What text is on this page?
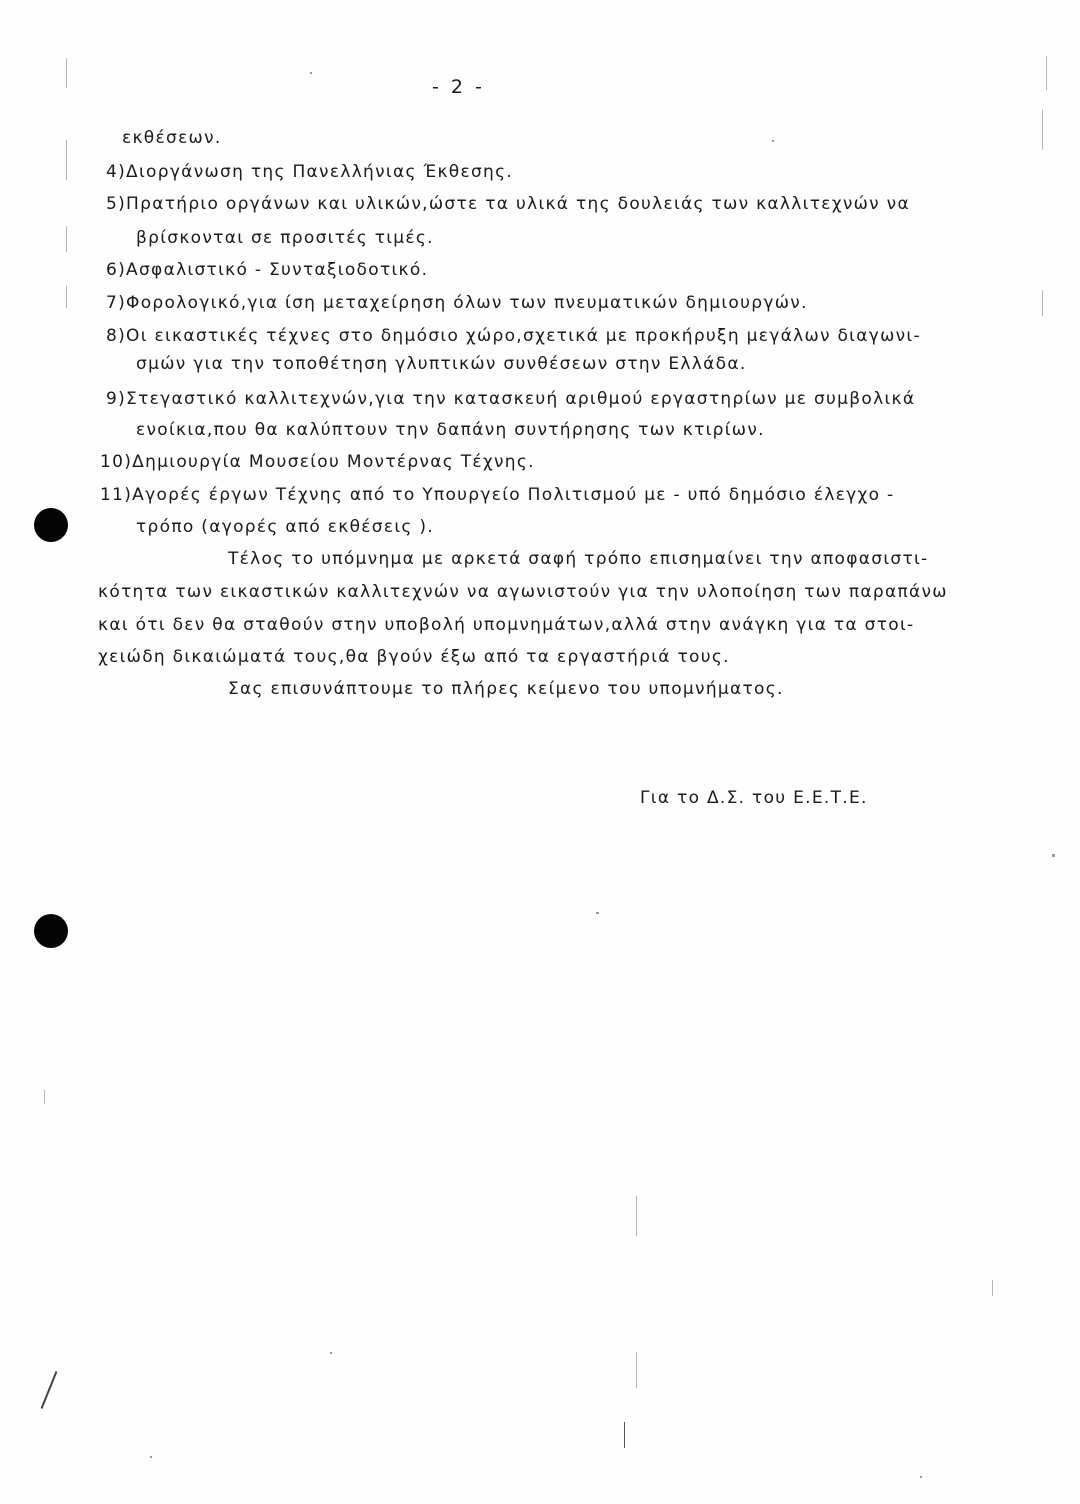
- 2 -
εκθέσεων.
4)Διοργάνωση της Πανελλήνιας Έκθεσης.
5)Πρατήριο οργάνων και υλικών,ώστε τα υλικά της δουλειάς των καλλιτεχνών να
βρίσκονται σε προσιτές τιμές.
6)Ασφαλιστικό - Συνταξιοδοτικό.
7)Φορολογικό,για ίση μεταχείρηση όλων των πνευματικών δημιουργών.
8)Οι εικαστικές τέχνες στο δημόσιο χώρο,σχετικά με προκήρυξη μεγάλων διαγωνι-
σμών για την τοποθέτηση γλυπτικών συνθέσεων στην Ελλάδα.
9)Στεγαστικό καλλιτεχνών,για την κατασκευή αριθμού εργαστηρίων με συμβολικά
ενοίκια,που θα καλύπτουν την δαπάνη συντήρησης των κτιρίων.
10)Δημιουργία Μουσείου Μοντέρνας Τέχνης.
11)Αγορές έργων Τέχνης από το Υπουργείο Πολιτισμού με - υπό δημόσιο έλεγχο -
τρόπο (αγορές από εκθέσεις ).
Τέλος το υπόμνημα με αρκετά σαφή τρόπο επισημαίνει την αποφασιστι-
κότητα των εικαστικών καλλιτεχνών να αγωνιστούν για την υλοποίηση των παραπάνω
και ότι δεν θα σταθούν στην υποβολή υπομνημάτων,αλλά στην ανάγκη για τα στοι-
χειώδη δικαιώματά τους,θα βγούν έξω από τα εργαστήριά τους.
Σας επισυνάπτουμε το πλήρες κείμενο του υπομνήματος.
Για το Δ.Σ. του Ε.Ε.Τ.Ε.
